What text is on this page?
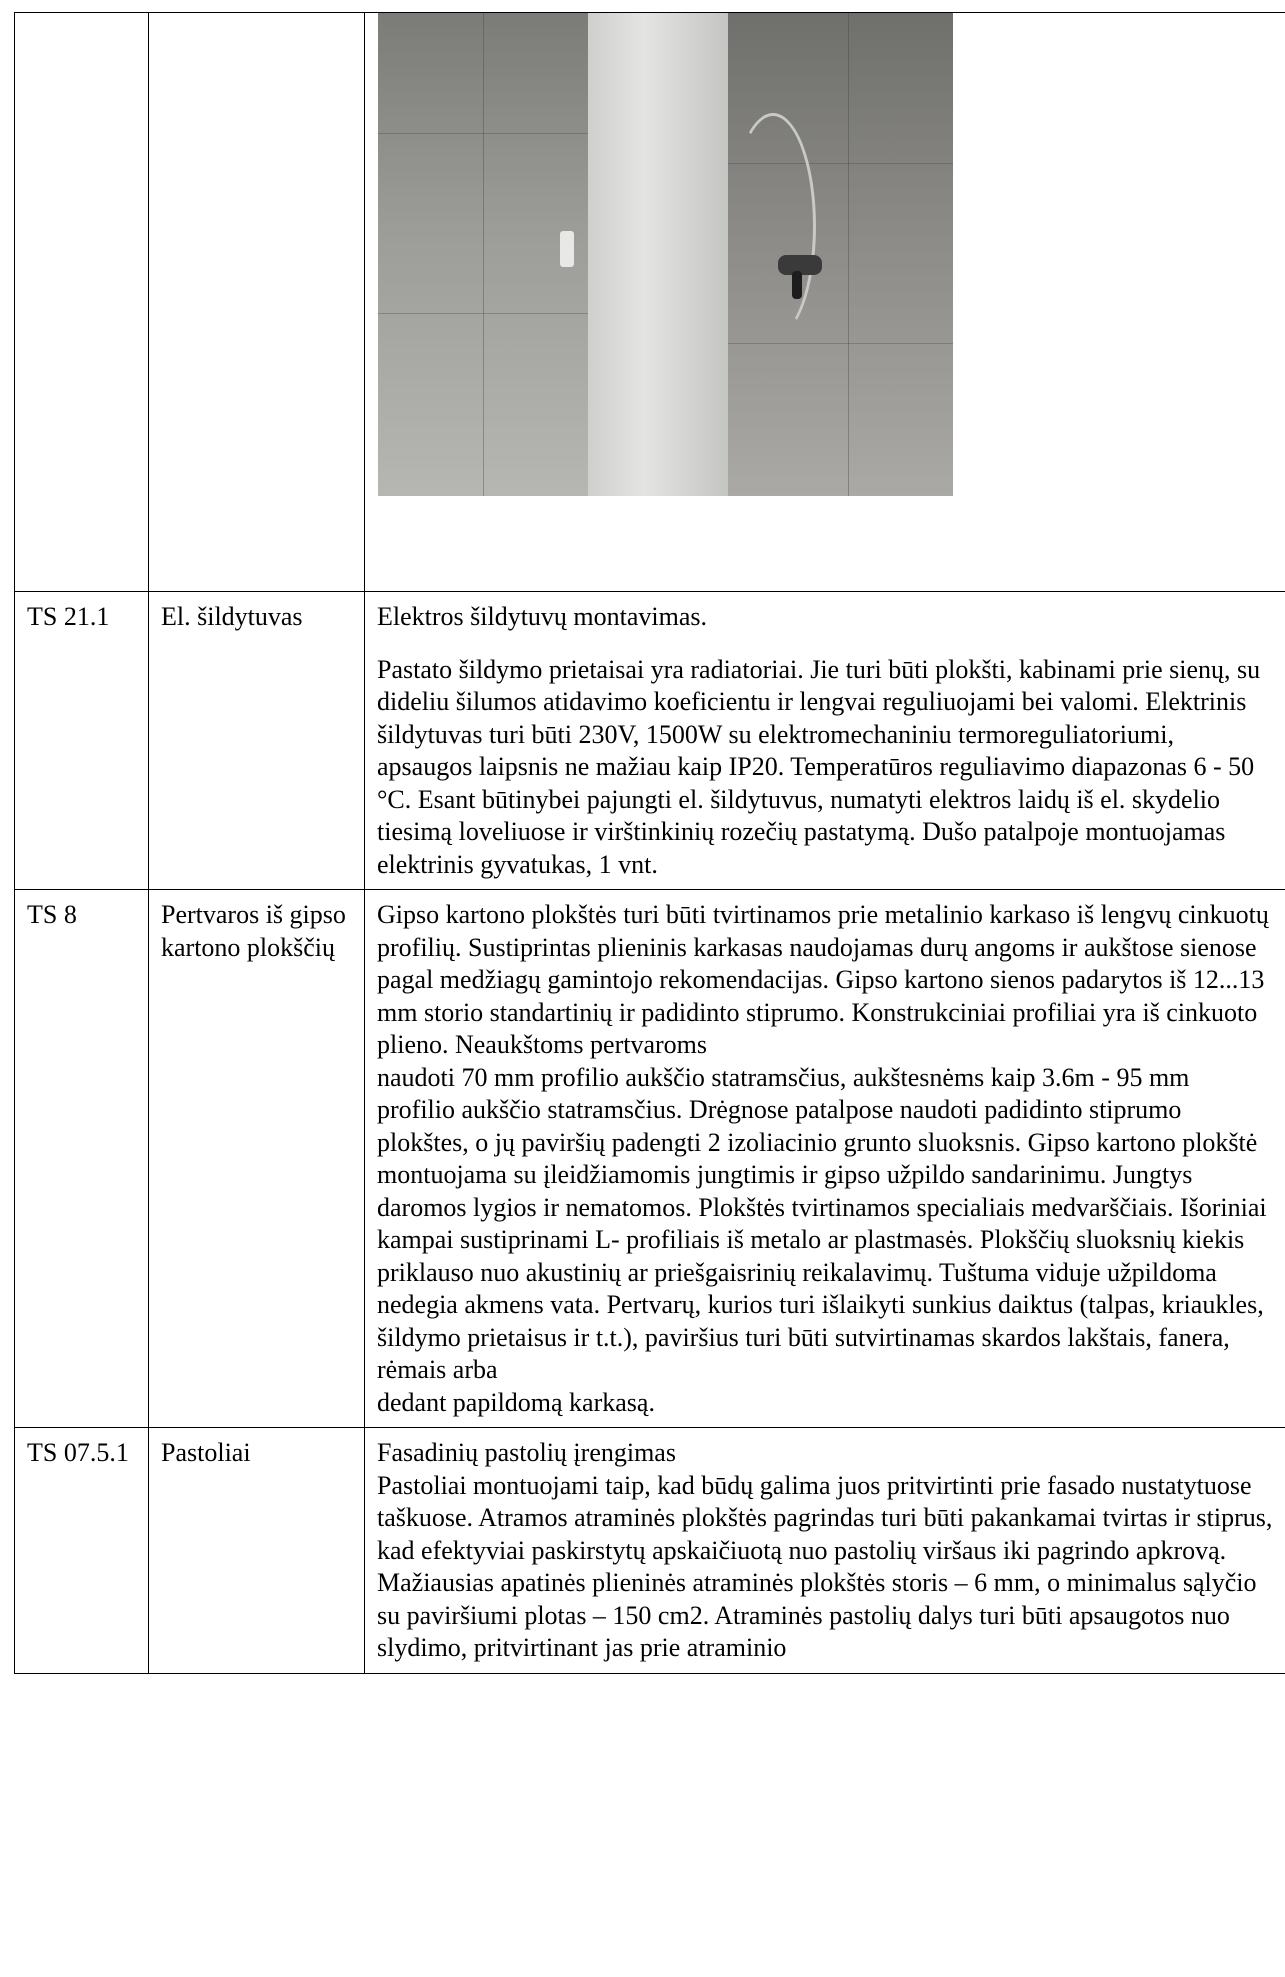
TS 21.1	El. šildytuvas	Elektros šildytuvų montavimas.

Pastato šildymo prietaisai yra radiatoriai. Jie turi būti plokšti, kabinami prie sienų, su dideliu šilumos atidavimo koeficientu ir lengvai reguliuojami bei valomi. Elektrinis šildytuvas turi būti 230V, 1500W su elektromechaniniu termoreguliatoriumi, apsaugos laipsnis ne mažiau kaip IP20. Temperatūros reguliavimo diapazonas 6 - 50 °C. Esant būtinybei pajungti el. šildytuvus, numatyti elektros laidų iš el. skydelio tiesimą loveliuose ir virštinkinių rozečių pastatymą. Dušo patalpoje montuojamas elektrinis gyvatukas, 1 vnt.

TS 8	Pertvaros iš gipso kartono plokščių	Gipso kartono plokštės turi būti tvirtinamos prie metalinio karkaso iš lengvų cinkuotų profilių. Sustiprintas plieninis karkasas naudojamas durų angoms ir aukštose sienose pagal medžiagų gamintojo rekomendacijas. Gipso kartono sienos padarytos iš 12...13 mm storio standartinių ir padidinto stiprumo. Konstrukciniai profiliai yra iš cinkuoto plieno. Neaukštoms pertvaroms

naudoti 70 mm profilio aukščio statramsčius, aukštesnėms kaip 3.6m - 95 mm profilio aukščio statramsčius. Drėgnose patalpose naudoti padidinto stiprumo plokštes, o jų paviršių padengti 2 izoliacinio grunto sluoksnis. Gipso kartono plokštė montuojama su įleidžiamomis jungtimis ir gipso užpildo sandarinimu. Jungtys daromos lygios ir nematomos. Plokštės tvirtinamos specialiais medvarščiais. Išoriniai kampai sustiprinami L- profiliais iš metalo ar plastmasės. Plokščių sluoksnių kiekis priklauso nuo akustinių ar priešgaisrinių reikalavimų. Tuštuma viduje užpildoma nedegia akmens vata. Pertvarų, kurios turi išlaikyti sunkius daiktus (talpas, kriaukles, šildymo prietaisus ir t.t.), paviršius turi būti sutvirtinamas skardos lakštais, fanera, rėmais arba

dedant papildomą karkasą.

TS 07.5.1	Pastoliai	Fasadinių pastolių įrengimas

Pastoliai montuojami taip, kad būdų galima juos pritvirtinti prie fasado nustatytuose taškuose. Atramos atraminės plokštės pagrindas turi būti pakankamai tvirtas ir stiprus, kad efektyviai paskirstytų apskaičiuotą nuo pastolių viršaus iki pagrindo apkrovą. Mažiausias apatinės plieninės atraminės plokštės storis – 6 mm, o minimalus sąlyčio su paviršiumi plotas – 150 cm2. Atraminės pastolių dalys turi būti apsaugotos nuo slydimo, pritvirtinant jas prie atraminio
